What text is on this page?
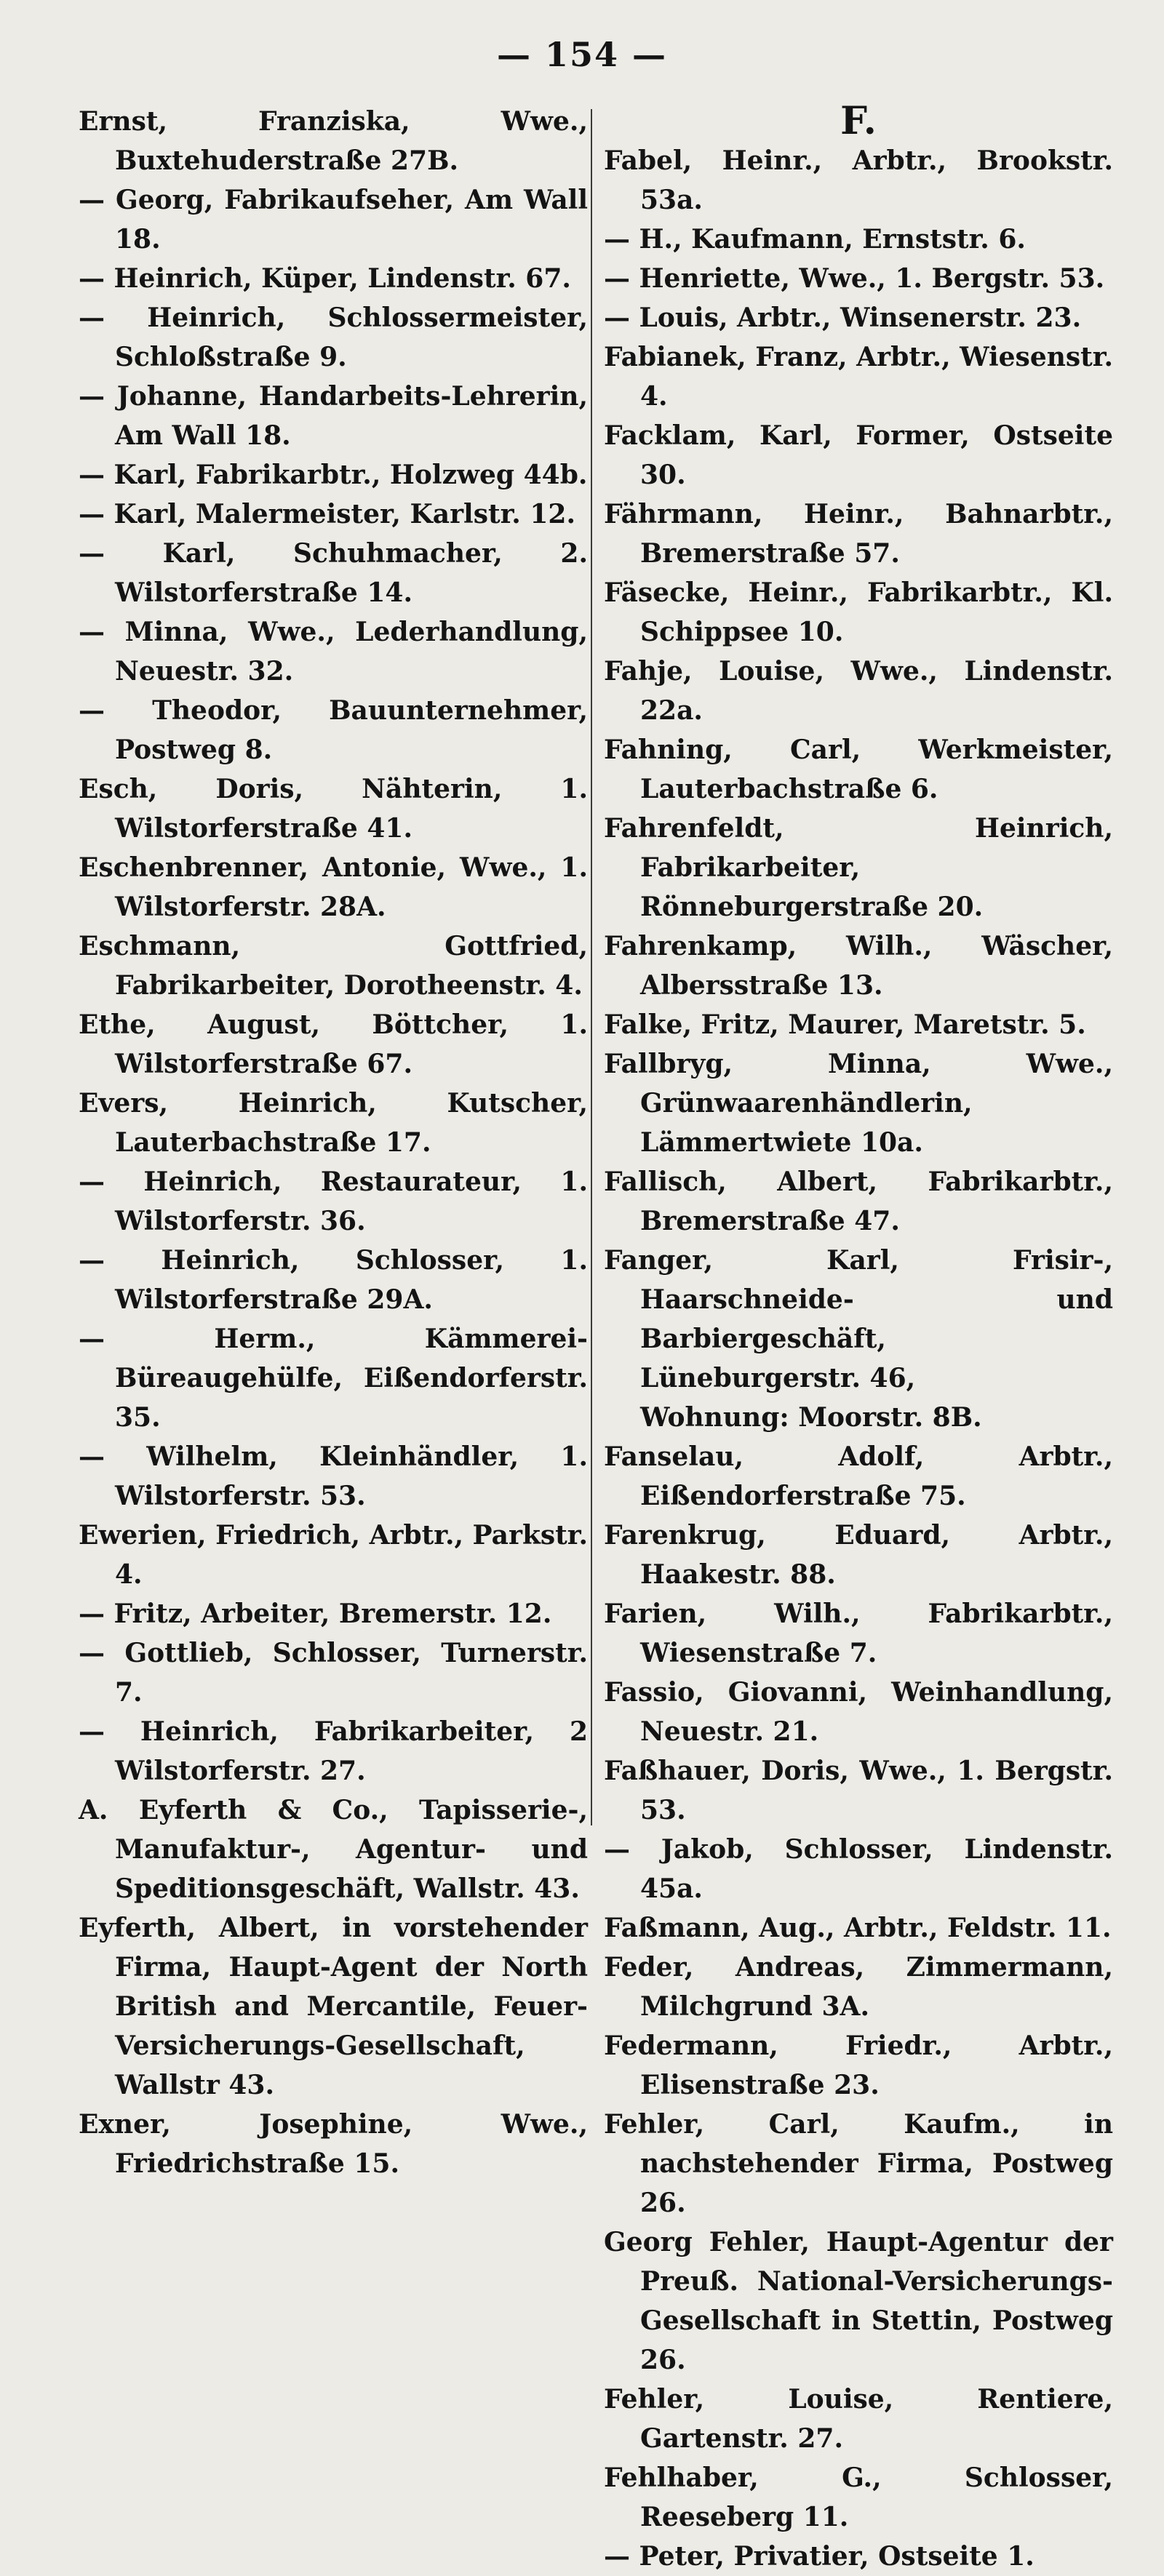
— 154 —

Ernst, Franziska, Wwe., Buxtehuderstraße 27B.

— Georg, Fabrikaufseher, Am Wall 18.

— Heinrich, Küper, Lindenstr. 67.

— Heinrich, Schlossermeister, Schloßstraße 9.

— Johanne, Handarbeits-Lehrerin, Am Wall 18.

— Karl, Fabrikarbtr., Holzweg 44b.

— Karl, Malermeister, Karlstr. 12.

— Karl, Schuhmacher, 2. Wilstorferstraße 14.

— Minna, Wwe., Lederhandlung, Neuestr. 32.

— Theodor, Bauunternehmer, Postweg 8.

Esch, Doris, Nähterin, 1. Wilstorferstraße 41.

Eschenbrenner, Antonie, Wwe., 1. Wilstorferstr. 28A.

Eschmann, Gottfried, Fabrikarbeiter, Dorotheenstr. 4.

Ethe, August, Böttcher, 1. Wilstorferstraße 67.

Evers, Heinrich, Kutscher, Lauterbachstraße 17.

— Heinrich, Restaurateur, 1. Wilstorferstr. 36.

— Heinrich, Schlosser, 1. Wilstorferstraße 29A.

— Herm., Kämmerei-Büreaugehülfe, Eißendorferstr. 35.

— Wilhelm, Kleinhändler, 1. Wilstorferstr. 53.

Ewerien, Friedrich, Arbtr., Parkstr. 4.

— Fritz, Arbeiter, Bremerstr. 12.

— Gottlieb, Schlosser, Turnerstr. 7.

— Heinrich, Fabrikarbeiter, 2 Wilstorferstr. 27.

A. Eyferth & Co., Tapisserie-, Manufaktur-, Agentur- und Speditionsgeschäft, Wallstr. 43.

Eyferth, Albert, in vorstehender Firma, Haupt-Agent der North British and Mercantile, Feuer-Versicherungs-Gesellschaft, Wallstr 43.

Exner, Josephine, Wwe., Friedrichstraße 15.

F.

Fabel, Heinr., Arbtr., Brookstr. 53a.

— H., Kaufmann, Ernststr. 6.

— Henriette, Wwe., 1. Bergstr. 53.

— Louis, Arbtr., Winsenerstr. 23.

Fabianek, Franz, Arbtr., Wiesenstr. 4.

Facklam, Karl, Former, Ostseite 30.

Fährmann, Heinr., Bahnarbtr., Bremerstraße 57.

Fäsecke, Heinr., Fabrikarbtr., Kl. Schippsee 10.

Fahje, Louise, Wwe., Lindenstr. 22a.

Fahning, Carl, Werkmeister, Lauterbachstraße 6.

Fahrenfeldt, Heinrich, Fabrikarbeiter, Rönneburgerstraße 20.

Fahrenkamp, Wilh., Wäscher, Albersstraße 13.

Falke, Fritz, Maurer, Maretstr. 5.

Fallbryg, Minna, Wwe., Grünwaarenhändlerin, Lämmertwiete 10a.

Fallisch, Albert, Fabrikarbtr., Bremerstraße 47.

Fanger, Karl, Frisir-, Haarschneide- und Barbiergeschäft, Lüneburgerstr. 46,

Wohnung: Moorstr. 8B.

Fanselau, Adolf, Arbtr., Eißendorferstraße 75.

Farenkrug, Eduard, Arbtr., Haakestr. 88.

Farien, Wilh., Fabrikarbtr., Wiesenstraße 7.

Fassio, Giovanni, Weinhandlung, Neuestr. 21.

Faßhauer, Doris, Wwe., 1. Bergstr. 53.

— Jakob, Schlosser, Lindenstr. 45a.

Faßmann, Aug., Arbtr., Feldstr. 11.

Feder, Andreas, Zimmermann, Milchgrund 3A.

Federmann, Friedr., Arbtr., Elisenstraße 23.

Fehler, Carl, Kaufm., in nachstehender Firma, Postweg 26.

Georg Fehler, Haupt-Agentur der Preuß. National-Versicherungs-Gesellschaft in Stettin, Postweg 26.

Fehler, Louise, Rentiere, Gartenstr. 27.

Fehlhaber, G., Schlosser, Reeseberg 11.

— Peter, Privatier, Ostseite 1.
